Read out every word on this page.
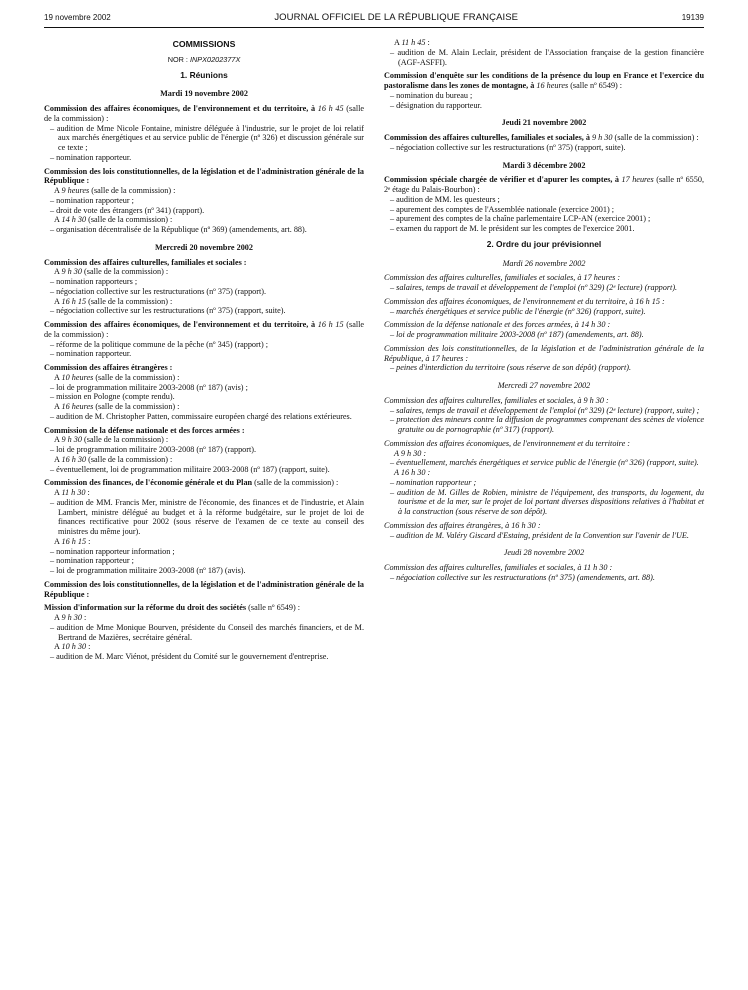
19 novembre 2002	JOURNAL OFFICIEL DE LA RÉPUBLIQUE FRANÇAISE	19139
COMMISSIONS
NOR : INPX0202377X
1. Réunions
Mardi 19 novembre 2002
Commission des affaires économiques, de l'environnement et du territoire, à 16 h 45 (salle de la commission) :
– audition de Mme Nicole Fontaine, ministre déléguée à l'industrie, sur le projet de loi relatif aux marchés énergétiques et au service public de l'énergie (nº 326) et discussion générale sur ce texte ;
– nomination rapporteur.
Commission des lois constitutionnelles, de la législation et de l'administration générale de la République :
A 9 heures (salle de la commission) :
– nomination rapporteur ;
– droit de vote des étrangers (nº 341) (rapport).
A 14 h 30 (salle de la commission) :
– organisation décentralisée de la République (nº 369) (amendements, art. 88).
Mercredi 20 novembre 2002
Commission des affaires culturelles, familiales et sociales :
A 9 h 30 (salle de la commission) :
– nomination rapporteurs ;
– négociation collective sur les restructurations (nº 375) (rapport).
A 16 h 15 (salle de la commission) :
– négociation collective sur les restructurations (nº 375) (rapport, suite).
Commission des affaires économiques, de l'environnement et du territoire, à 16 h 15 (salle de la commission) :
– réforme de la politique commune de la pêche (nº 345) (rapport) ;
– nomination rapporteur.
Commission des affaires étrangères :
A 10 heures (salle de la commission) :
– loi de programmation militaire 2003-2008 (nº 187) (avis) ;
– mission en Pologne (compte rendu).
A 16 heures (salle de la commission) :
– audition de M. Christopher Patten, commissaire européen chargé des relations extérieures.
Commission de la défense nationale et des forces armées :
A 9 h 30 (salle de la commission) :
– loi de programmation militaire 2003-2008 (nº 187) (rapport).
A 16 h 30 (salle de la commission) :
– éventuellement, loi de programmation militaire 2003-2008 (nº 187) (rapport, suite).
Commission des finances, de l'économie générale et du Plan (salle de la commission) :
A 11 h 30 :
– audition de MM. Francis Mer, ministre de l'économie, des finances et de l'industrie, et Alain Lambert, ministre délégué au budget et à la réforme budgétaire, sur le projet de loi de finances rectificative pour 2002 (sous réserve de l'examen de ce texte au conseil des ministres du même jour).
A 16 h 15 :
– nomination rapporteur information ;
– nomination rapporteur ;
– loi de programmation militaire 2003-2008 (nº 187) (avis).
Commission des lois constitutionnelles, de la législation et de l'administration générale de la République :
Mission d'information sur la réforme du droit des sociétés (salle nº 6549) :
A 9 h 30 :
– audition de Mme Monique Bourven, présidente du Conseil des marchés financiers, et de M. Bertrand de Mazières, secrétaire général.
A 10 h 30 :
– audition de M. Marc Viénot, président du Comité sur le gouvernement d'entreprise.
A 11 h 45 :
– audition de M. Alain Leclair, président de l'Association française de la gestion financière (AGF-ASFFI).
Commission d'enquête sur les conditions de la présence du loup en France et l'exercice du pastoralisme dans les zones de montagne, à 16 heures (salle nº 6549) :
– nomination du bureau ;
– désignation du rapporteur.
Jeudi 21 novembre 2002
Commission des affaires culturelles, familiales et sociales, à 9 h 30 (salle de la commission) :
– négociation collective sur les restructurations (nº 375) (rapport, suite).
Mardi 3 décembre 2002
Commission spéciale chargée de vérifier et d'apurer les comptes, à 17 heures (salle nº 6550, 2ᵉ étage du Palais-Bourbon) :
– audition de MM. les questeurs ;
– apurement des comptes de l'Assemblée nationale (exercice 2001) ;
– apurement des comptes de la chaîne parlementaire LCP-AN (exercice 2001) ;
– examen du rapport de M. le président sur les comptes de l'exercice 2001.
2. Ordre du jour prévisionnel
Mardi 26 novembre 2002
Commission des affaires culturelles, familiales et sociales, à 17 heures :
– salaires, temps de travail et développement de l'emploi (nº 329) (2ᵉ lecture) (rapport).
Commission des affaires économiques, de l'environnement et du territoire, à 16 h 15 :
– marchés énergétiques et service public de l'énergie (nº 326) (rapport, suite).
Commission de la défense nationale et des forces armées, à 14 h 30 :
– loi de programmation militaire 2003-2008 (nº 187) (amendements, art. 88).
Commission des lois constitutionnelles, de la législation et de l'administration générale de la République, à 17 heures :
– peines d'interdiction du territoire (sous réserve de son dépôt) (rapport).
Mercredi 27 novembre 2002
Commission des affaires culturelles, familiales et sociales, à 9 h 30 :
– salaires, temps de travail et développement de l'emploi (nº 329) (2ᵉ lecture) (rapport, suite) ;
– protection des mineurs contre la diffusion de programmes comprenant des scènes de violence gratuite ou de pornographie (nº 317) (rapport).
Commission des affaires économiques, de l'environnement et du territoire :
A 9 h 30 :
– éventuellement, marchés énergétiques et service public de l'énergie (nº 326) (rapport, suite).
A 16 h 30 :
– nomination rapporteur ;
– audition de M. Gilles de Robien, ministre de l'équipement, des transports, du logement, du tourisme et de la mer, sur le projet de loi portant diverses dispositions relatives à l'habitat et à la construction (sous réserve de son dépôt).
Commission des affaires étrangères, à 16 h 30 :
– audition de M. Valéry Giscard d'Estaing, président de la Convention sur l'avenir de l'UE.
Jeudi 28 novembre 2002
Commission des affaires culturelles, familiales et sociales, à 11 h 30 :
– négociation collective sur les restructurations (nº 375) (amendements, art. 88).
